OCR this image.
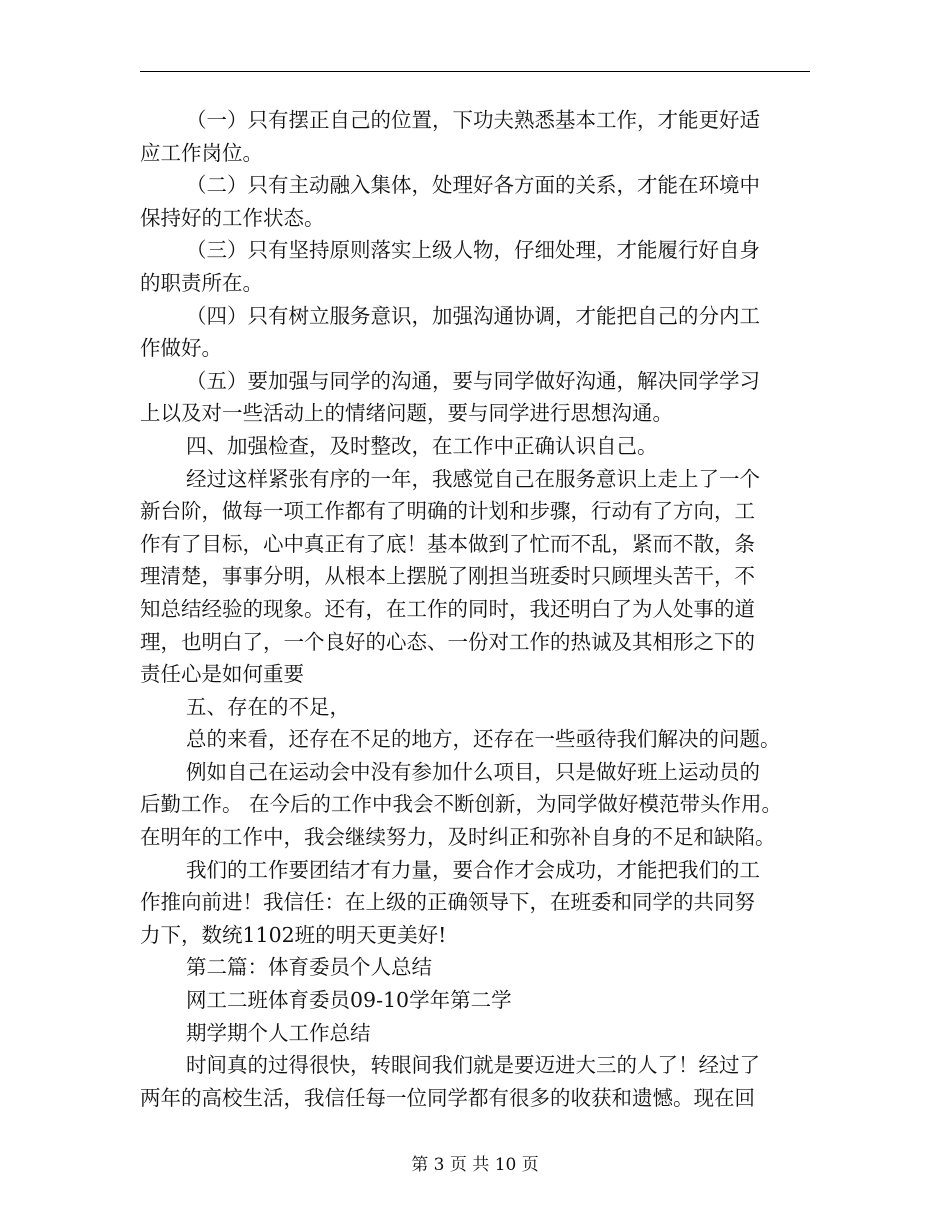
（一）只有摆正自己的位置，下功夫熟悉基本工作，才能更好适
应工作岗位。
（二）只有主动融入集体，处理好各方面的关系，才能在环境中
保持好的工作状态。
（三）只有坚持原则落实上级人物，仔细处理，才能履行好自身
的职责所在。
（四）只有树立服务意识，加强沟通协调，才能把自己的分内工
作做好。
（五）要加强与同学的沟通，要与同学做好沟通，解决同学学习
上以及对一些活动上的情绪问题，要与同学进行思想沟通。
四、加强检查，及时整改，在工作中正确认识自己。
经过这样紧张有序的一年，我感觉自己在服务意识上走上了一个
新台阶，做每一项工作都有了明确的计划和步骤，行动有了方向，工
作有了目标，心中真正有了底！基本做到了忙而不乱，紧而不散，条
理清楚，事事分明，从根本上摆脱了刚担当班委时只顾埋头苦干，不
知总结经验的现象。还有，在工作的同时，我还明白了为人处事的道
理，也明白了，一个良好的心态、一份对工作的热诚及其相形之下的
责任心是如何重要
五、存在的不足，
总的来看，还存在不足的地方，还存在一些亟待我们解决的问题。
例如自己在运动会中没有参加什么项目，只是做好班上运动员的
后勤工作。 在今后的工作中我会不断创新，为同学做好模范带头作用。
在明年的工作中，我会继续努力，及时纠正和弥补自身的不足和缺陷。
我们的工作要团结才有力量，要合作才会成功，才能把我们的工
作推向前进！我信任：在上级的正确领导下，在班委和同学的共同努
力下，数统1102班的明天更美好!
第二篇：体育委员个人总结
网工二班体育委员09-10学年第二学
期学期个人工作总结
时间真的过得很快，转眼间我们就是要迈进大三的人了！经过了
两年的高校生活，我信任每一位同学都有很多的收获和遗憾。现在回
第 3 页 共 10 页
